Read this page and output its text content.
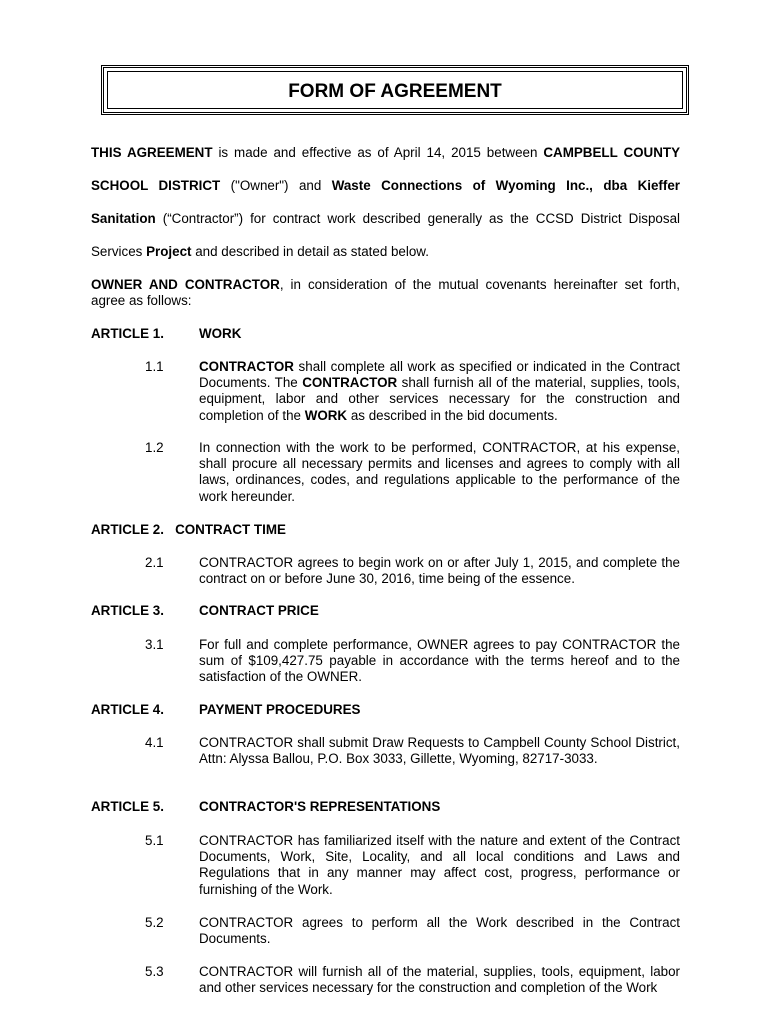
FORM OF AGREEMENT
THIS AGREEMENT is made and effective as of April 14, 2015 between CAMPBELL COUNTY
SCHOOL DISTRICT ("Owner") and Waste Connections of Wyoming Inc., dba Kieffer
Sanitation (“Contractor”) for contract work described generally as the CCSD District Disposal
Services Project and described in detail as stated below.
OWNER AND CONTRACTOR, in consideration of the mutual covenants hereinafter set forth, agree as follows:
ARTICLE 1.	WORK
1.1	CONTRACTOR shall complete all work as specified or indicated in the Contract Documents. The CONTRACTOR shall furnish all of the material, supplies, tools, equipment, labor and other services necessary for the construction and completion of the WORK as described in the bid documents.
1.2	In connection with the work to be performed, CONTRACTOR, at his expense, shall procure all necessary permits and licenses and agrees to comply with all laws, ordinances, codes, and regulations applicable to the performance of the work hereunder.
ARTICLE 2.   CONTRACT TIME
2.1	CONTRACTOR agrees to begin work on or after July 1, 2015, and complete the contract on or before June 30, 2016, time being of the essence.
ARTICLE 3.	CONTRACT PRICE
3.1	For full and complete performance, OWNER agrees to pay CONTRACTOR the sum of $109,427.75 payable in accordance with the terms hereof and to the satisfaction of the OWNER.
ARTICLE 4.	PAYMENT PROCEDURES
4.1	CONTRACTOR shall submit Draw Requests to Campbell County School District, Attn: Alyssa Ballou, P.O. Box 3033, Gillette, Wyoming, 82717-3033.
ARTICLE 5.	CONTRACTOR'S REPRESENTATIONS
5.1	CONTRACTOR has familiarized itself with the nature and extent of the Contract Documents, Work, Site, Locality, and all local conditions and Laws and Regulations that in any manner may affect cost, progress, performance or furnishing of the Work.
5.2	CONTRACTOR agrees to perform all the Work described in the Contract Documents.
5.3	CONTRACTOR will furnish all of the material, supplies, tools, equipment, labor and other services necessary for the construction and completion of the Work
